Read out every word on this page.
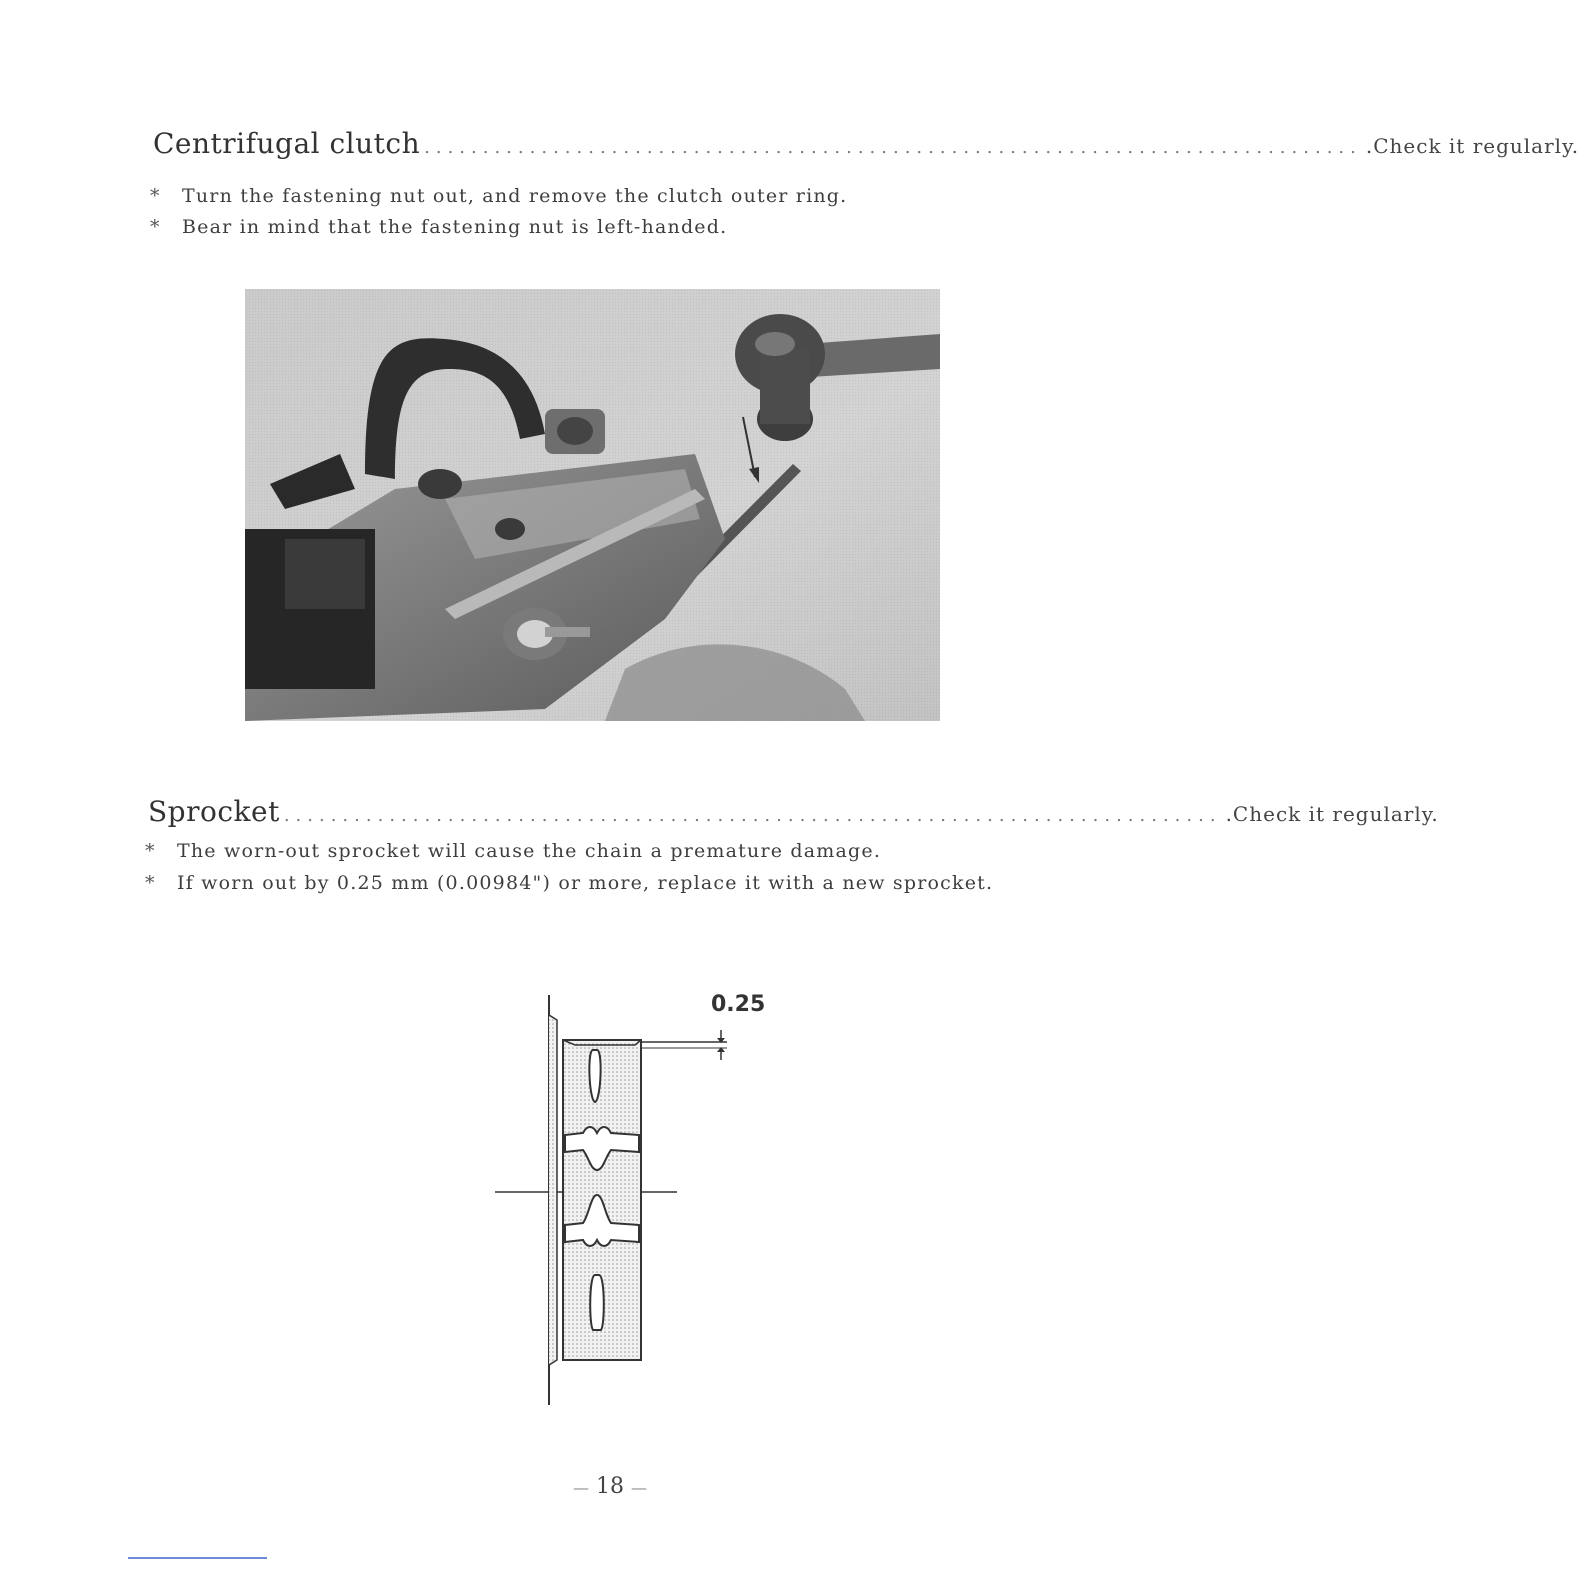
Centrifugal clutch ................................................................................ .Check it regularly.
*	Turn the fastening nut out, and remove the clutch outer ring.
*	Bear in mind that the fastening nut is left-handed.
Sprocket ................................................................................ .Check it regularly.
*	The worn-out sprocket will cause the chain a premature damage.
*	If worn out by 0.25 mm (0.00984") or more, replace it with a new sprocket.
0.25
— 18 —
